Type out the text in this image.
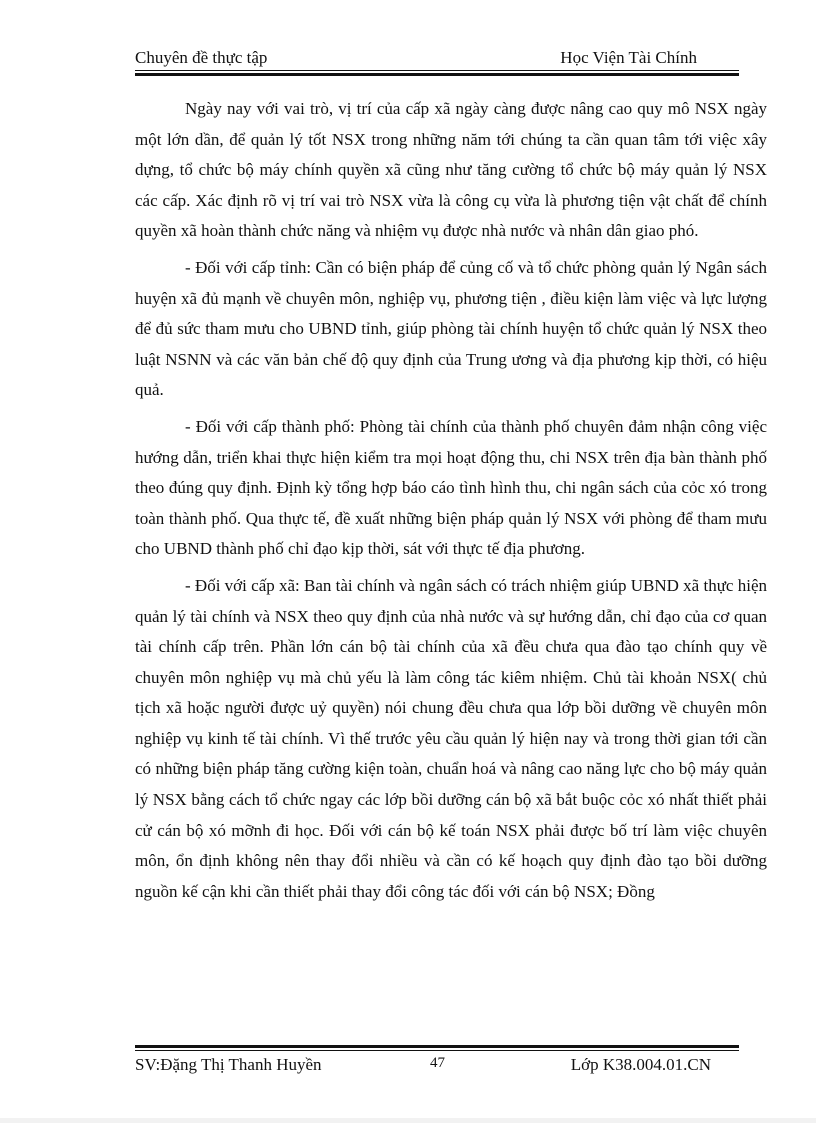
Chuyên đề thực tập	Học Viện Tài Chính

Ngày nay với vai trò, vị trí của cấp xã ngày càng được nâng cao quy mô NSX ngày một lớn dần, để quản lý tốt NSX trong những năm tới chúng ta cần quan tâm tới việc xây dựng, tổ chức bộ máy chính quyền xã cũng như tăng cường tổ chức bộ máy quản lý NSX các cấp. Xác định rõ vị trí vai trò NSX vừa là công cụ vừa là phương tiện vật chất để chính quyền xã hoàn thành chức năng và nhiệm vụ được nhà nước và nhân dân giao phó.

- Đối với cấp tỉnh: Cần có biện pháp để củng cố và tổ chức phòng quản lý Ngân sách huyện xã đủ mạnh về chuyên môn, nghiệp vụ, phương tiện , điều kiện làm việc và lực lượng để đủ sức tham mưu cho UBND tỉnh, giúp phòng tài chính huyện tổ chức quản lý NSX theo luật NSNN và các văn bản chế độ quy định của Trung ương và địa phương kịp thời, có hiệu quả.

- Đối với cấp thành phố: Phòng tài chính của thành phố chuyên đảm nhận công việc hướng dẫn, triển khai thực hiện kiểm tra mọi hoạt động thu, chi NSX trên địa bàn thành phố theo đúng quy định. Định kỳ tổng hợp báo cáo tình hình thu, chi ngân sách của cỏc xó trong toàn thành phố. Qua thực tế, đề xuất những biện pháp quản lý NSX với phòng để tham mưu cho UBND thành phố chỉ đạo kịp thời, sát với thực tế địa phương.

- Đối với cấp xã: Ban tài chính và ngân sách có trách nhiệm giúp UBND xã thực hiện quản lý tài chính và NSX theo quy định của nhà nước và sự hướng dẫn, chỉ đạo của cơ quan tài chính cấp trên. Phần lớn cán bộ tài chính của xã đều chưa qua đào tạo chính quy về chuyên môn nghiệp vụ mà chủ yếu là làm công tác kiêm nhiệm. Chủ tài khoản NSX( chủ tịch xã hoặc người được uỷ quyền) nói chung đều chưa qua lớp bồi dưỡng về chuyên môn nghiệp vụ kinh tế tài chính. Vì thế trước yêu cầu quản lý hiện nay và trong thời gian tới cần có những biện pháp tăng cường kiện toàn, chuẩn hoá và nâng cao năng lực cho bộ máy quản lý NSX bằng cách tổ chức ngay các lớp bồi dưỡng cán bộ xã bắt buộc cỏc xó nhất thiết phải cử cán bộ xó mỡnh đi học. Đối với cán bộ kế toán NSX phải được bố trí làm việc chuyên môn, ổn định không nên thay đổi nhiều và cần có kế hoạch quy định đào tạo bồi dưỡng nguồn kế cận khi cần thiết phải thay đổi công tác đối với cán bộ NSX; Đồng

SV:Đặng Thị Thanh Huyền	47	Lớp K38.004.01.CN
